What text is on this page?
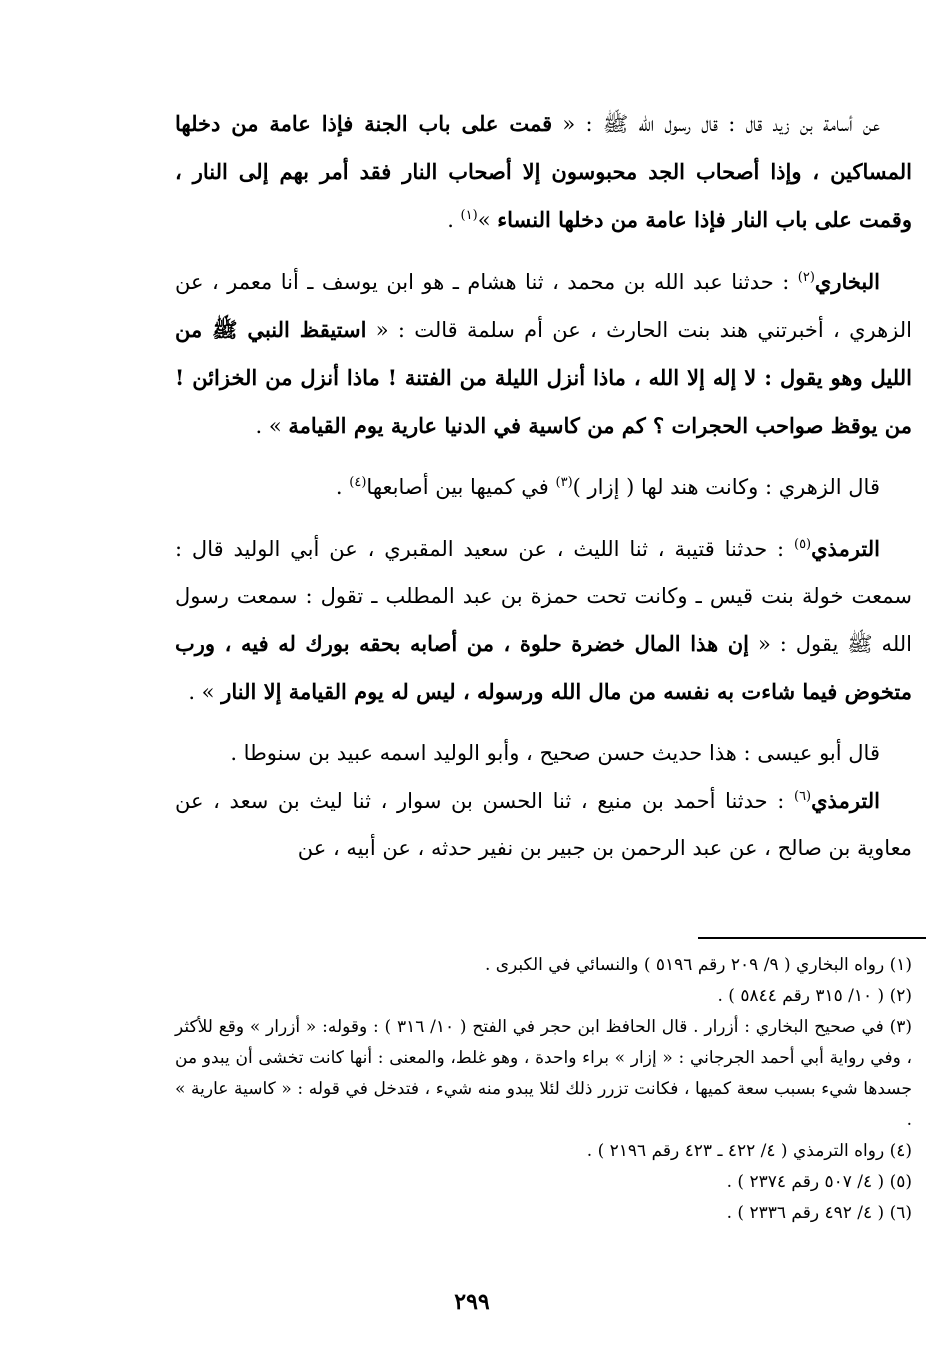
عن أسامة بن زيد قال : قال رسول الله ﷺ : « قمت على باب الجنة فإذا عامة من دخلها المساكين ، وإذا أصحاب الجد محبوسون إلا أصحاب النار فقد أمر بهم إلى النار ، وقمت على باب النار فإذا عامة من دخلها النساء »$^{(١)}$ .

البخاري$^{(٢)}$ : حدثنا عبد الله بن محمد ، ثنا هشام ـ هو ابن يوسف ـ أنا معمر ، عن الزهري ، أخبرتني هند بنت الحارث ، عن أم سلمة قالت : « استيقظ النبي ﷺ من الليل وهو يقول : لا إله إلا الله ، ماذا أنزل الليلة من الفتنة ! ماذا أنزل من الخزائن ! من يوقظ صواحب الحجرات ؟ كم من كاسية في الدنيا عارية يوم القيامة » .

قال الزهري : وكانت هند لها ( إزار )$^{(٣)}$ في كميها بين أصابعها$^{(٤)}$ .

الترمذي$^{(٥)}$ : حدثنا قتيبة ، ثنا الليث ، عن سعيد المقبري ، عن أبي الوليد قال : سمعت خولة بنت قيس ـ وكانت تحت حمزة بن عبد المطلب ـ تقول : سمعت رسول الله ﷺ يقول : « إن هذا المال خضرة حلوة ، من أصابه بحقه بورك له فيه ، ورب متخوض فيما شاءت به نفسه من مال الله ورسوله ، ليس له يوم القيامة إلا النار » .

قال أبو عيسى : هذا حديث حسن صحيح ، وأبو الوليد اسمه عبيد بن سنوطا .

الترمذي$^{(٦)}$ : حدثنا أحمد بن منيع ، ثنا الحسن بن سوار ، ثنا ليث بن سعد ، عن معاوية بن صالح ، عن عبد الرحمن بن جبير بن نفير حدثه ، عن أبيه ، عن

(١) رواه البخاري ( ٩/ ٢٠٩ رقم ٥١٩٦ ) والنسائي في الكبرى .

(٢) ( ١٠/ ٣١٥ رقم ٥٨٤٤ ) .

(٣) في صحيح البخاري : أزرار . قال الحافظ ابن حجر في الفتح ( ١٠/ ٣١٦ ) : وقوله: « أزرار » وقع للأكثر ، وفي رواية أبي أحمد الجرجاني : « إزار » براء واحدة ، وهو غلط، والمعنى : أنها كانت تخشى أن يبدو من جسدها شيء بسبب سعة كميها ، فكانت تزرر ذلك لئلا يبدو منه شيء ، فتدخل في قوله : « كاسية عارية » .

(٤) رواه الترمذي ( ٤/ ٤٢٢ ـ ٤٢٣ رقم ٢١٩٦ ) .

(٥) ( ٤/ ٥٠٧ رقم ٢٣٧٤ ) .

(٦) ( ٤/ ٤٩٢ رقم ٢٣٣٦ ) .

٢٩٩
